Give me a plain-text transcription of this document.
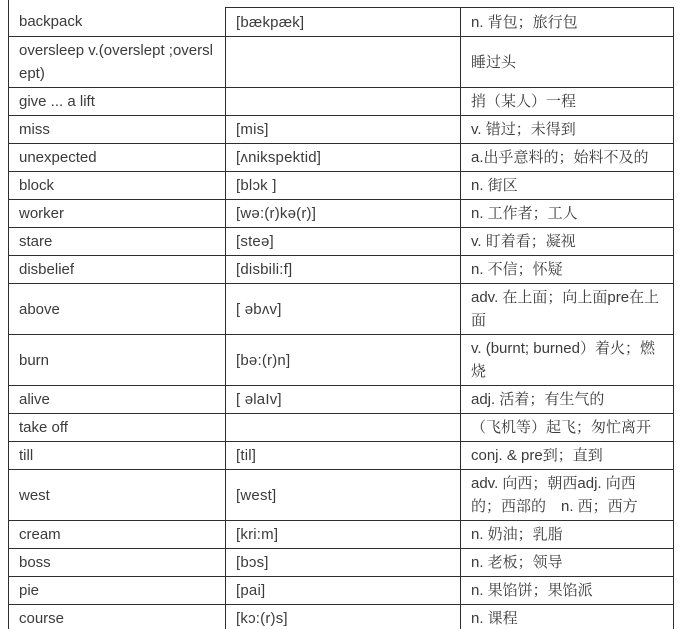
backpack	[bækpæk]	n. 背包；旅行包
oversleep v.(overslept ;overslept)		睡过头
give ... a lift		捎（某人）一程
miss	[mis]	v. 错过；未得到
unexpected	[ʌnikspektid]	a.出乎意料的；始料不及的
block	[blɔk ]	n. 街区
worker	[wə:(r)kə(r)]	n. 工作者；工人
stare	[steə]	v. 盯着看；凝视
disbelief	[disbili:f]	n. 不信；怀疑
above	[ əbʌv]	adv. 在上面；向上面pre在上面
burn	[bə:(r)n]	v. (burnt; burned）着火；燃烧
alive	[ əlaIv]	adj. 活着；有生气的
take off		（飞机等）起飞；匆忙离开
till	[til]	conj. & pre到；直到
west	[west]	adv. 向西；朝西adj. 向西的；西部的　n. 西；西方
cream	[kri:m]	n. 奶油；乳脂
boss	[bɔs]	n. 老板；领导
pie	[pai]	n. 果馅饼；果馅派
course	[kɔ:(r)s]	n. 课程
